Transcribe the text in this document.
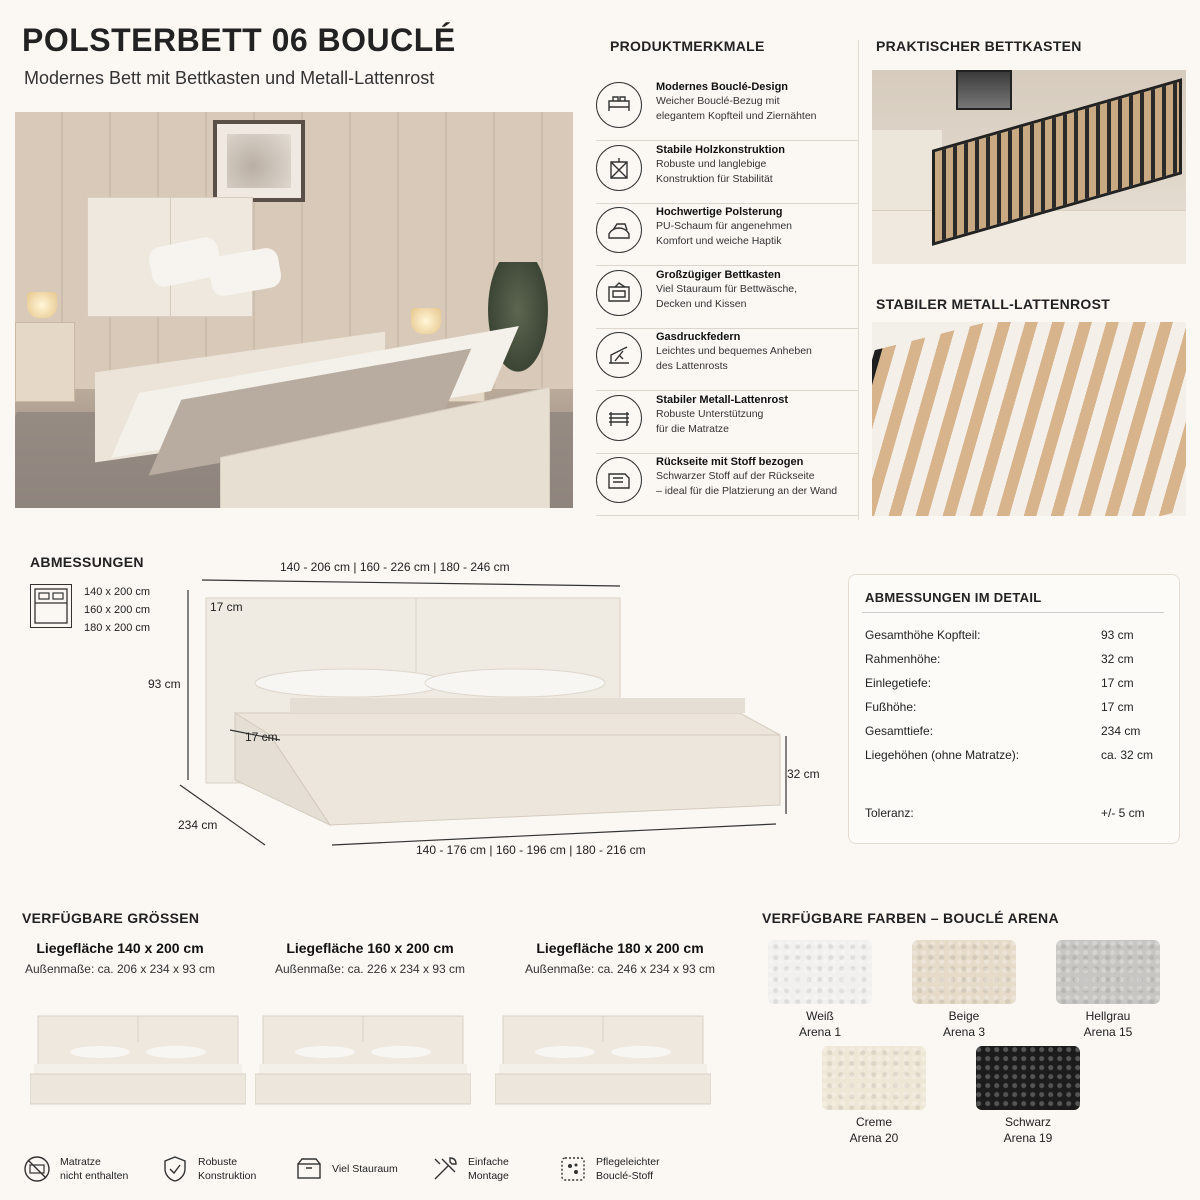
POLSTERBETT 06 BOUCLÉ
Modernes Bett mit Bettkasten und Metall-Lattenrost
PRODUKTMERKMALE
Modernes Bouclé-Design
Weicher Bouclé-Bezug mit
elegantem Kopfteil und Ziernähten
Stabile Holzkonstruktion
Robuste und langlebige
Konstruktion für Stabilität
Hochwertige Polsterung
PU-Schaum für angenehmen
Komfort und weiche Haptik
Großzügiger Bettkasten
Viel Stauraum für Bettwäsche,
Decken und Kissen
Gasdruckfedern
Leichtes und bequemes Anheben
des Lattenrosts
Stabiler Metall-Lattenrost
Robuste Unterstützung
für die Matratze
Rückseite mit Stoff bezogen
Schwarzer Stoff auf der Rückseite
– ideal für die Platzierung an der Wand
PRAKTISCHER BETTKASTEN
STABILER METALL-LATTENROST
ABMESSUNGEN
140 x 200 cm
160 x 200 cm
180 x 200 cm
140 - 206 cm | 160 - 226 cm | 180 - 246 cm
17 cm
93 cm
17 cm
32 cm
234 cm
140 - 176 cm | 160 - 196 cm | 180 - 216 cm
ABMESSUNGEN IM DETAIL
Gesamthöhe Kopfteil:	93 cm
Rahmenhöhe:	32 cm
Einlegetiefe:	17 cm
Fußhöhe:	17 cm
Gesamttiefe:	234 cm
Liegehöhen (ohne Matratze):	ca. 32 cm
Toleranz:	+/- 5 cm
VERFÜGBARE GRÖSSEN
Liegefläche 140 x 200 cm
Außenmaße: ca. 206 x 234 x 93 cm
Liegefläche 160 x 200 cm
Außenmaße: ca. 226 x 234 x 93 cm
Liegefläche 180 x 200 cm
Außenmaße: ca. 246 x 234 x 93 cm
VERFÜGBARE FARBEN – BOUCLÉ ARENA
Weiß
Arena 1
Beige
Arena 3
Hellgrau
Arena 15
Creme
Arena 20
Schwarz
Arena 19
Matratze
nicht enthalten
Robuste
Konstruktion
Viel Stauraum
Einfache
Montage
Pflegeleichter
Bouclé-Stoff
